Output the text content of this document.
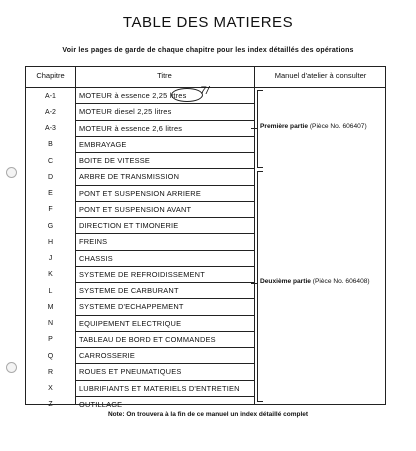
TABLE DES MATIERES
Voir les pages de garde de chaque chapitre pour les index détaillés des opérations
Chapitre	Titre	Manuel d'atelier à consulter
A-1	MOTEUR à essence 2,25 litres
A-2	MOTEUR diesel 2,25 litres
A-3	MOTEUR à essence 2,6 litres
B	EMBRAYAGE
C	BOITE DE VITESSE
D	ARBRE DE TRANSMISSION
E	PONT ET SUSPENSION ARRIERE
F	PONT ET SUSPENSION AVANT
G	DIRECTION ET TIMONERIE
H	FREINS
J	CHASSIS
K	SYSTEME DE REFROIDISSEMENT
L	SYSTEME DE CARBURANT
M	SYSTEME D'ECHAPPEMENT
N	EQUIPEMENT ELECTRIQUE
P	TABLEAU DE BORD ET COMMANDES
Q	CARROSSERIE
R	ROUES ET PNEUMATIQUES
X	LUBRIFIANTS ET MATERIELS D'ENTRETIEN
Z	OUTILLAGE
Première partie (Pièce No. 606407)
Deuxième partie (Pièce No. 606408)
7/
Note: On trouvera à la fin de ce manuel un index détaillé complet
